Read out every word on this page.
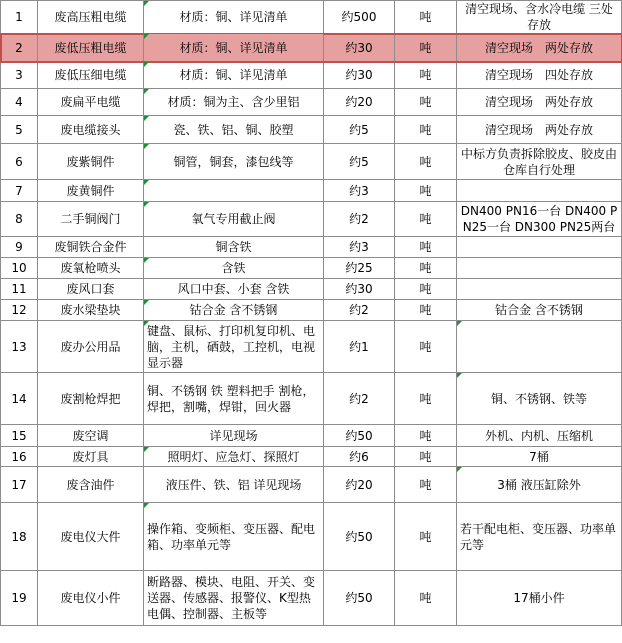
1	废高压粗电缆	材质：铜、详见清单	约500	吨	清空现场、含水冷电缆 三处存放
2	废低压粗电缆	材质：铜、详见清单	约30	吨	清空现场　两处存放
3	废低压细电缆	材质：铜、详见清单	约30	吨	清空现场　四处存放
4	废扁平电缆	材质：铜为主、含少里铝	约20	吨	清空现场　两处存放
5	废电缆接头	瓷、铁、铝、铜、胶塑	约5	吨	清空现场　两处存放
6	废紫铜件	铜管，铜套，漆包线等	约5	吨	中标方负责拆除胶皮、胶皮由仓库自行处理
7	废黄铜件		约3	吨	
8	二手铜阀门	氧气专用截止阀	约2	吨	DN400 PN16一台 DN400 PN25一台 DN300 PN25两台
9	废铜铁合金件	铜含铁	约3	吨	
10	废氧枪喷头	含铁	约25	吨	
11	废风口套	风口中套、小套 含铁	约30	吨	
12	废水梁垫块	钴合金 含不锈钢	约2	吨	钴合金 含不锈钢
13	废办公用品	键盘、鼠标、打印机复印机、电脑，主机，硒鼓，工控机，电视显示器	约1	吨	
14	废割枪焊把	铜、不锈钢 铁 塑料把手 割枪，焊把，割嘴，焊钳，回火器	约2	吨	铜、不锈钢、铁等
15	废空调	详见现场	约50	吨	外机、内机、压缩机
16	废灯具	照明灯、应急灯、探照灯	约6	吨	7桶
17	废含油件	液压件、铁、铝 详见现场	约20	吨	3桶 液压缸除外
18	废电仪大件	操作箱、变频柜、变压器、配电箱、功率单元等	约50	吨	若干配电柜、变压器、功率单元等
19	废电仪小件	断路器、模块、电阻、开关、变送器、传感器、报警仪、K型热电偶、控制器、主板等	约50	吨	17桶小件
